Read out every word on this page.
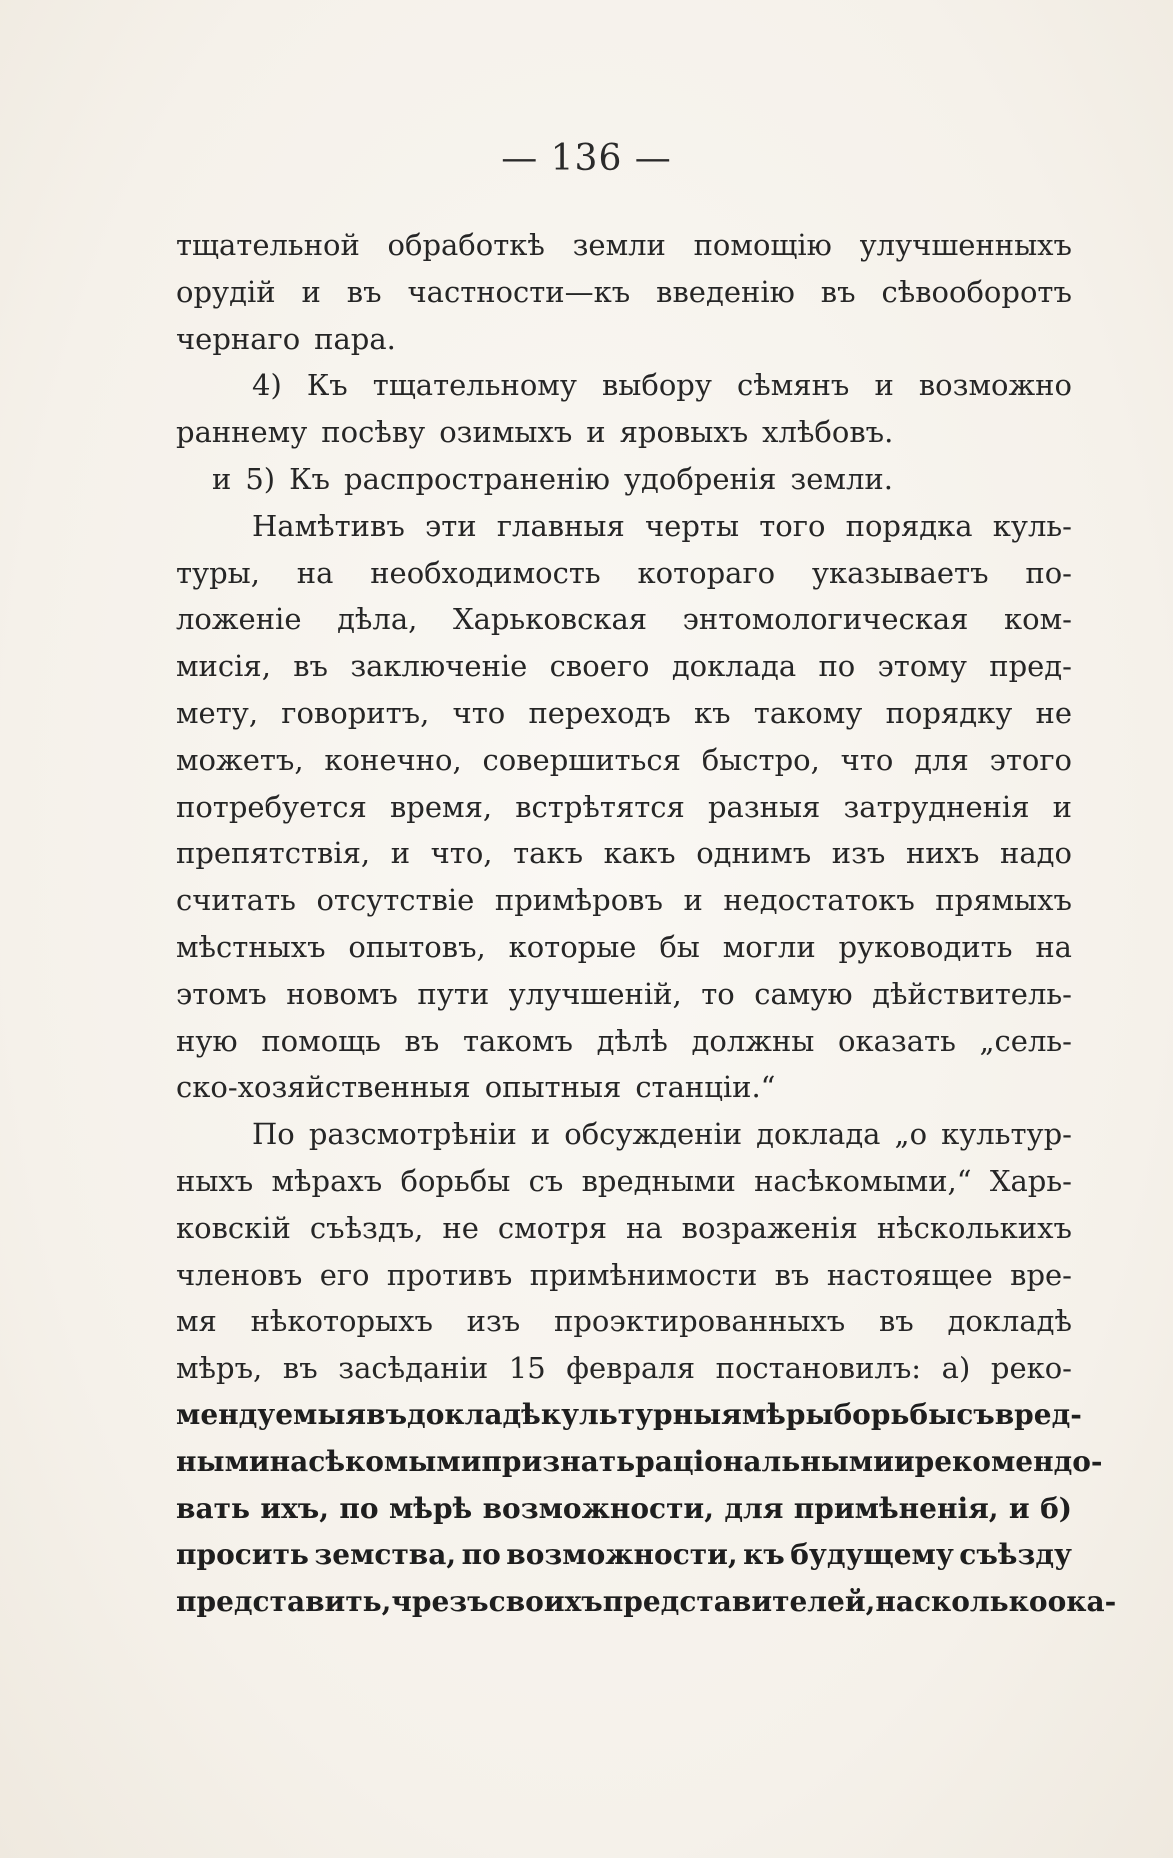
— 136 —
тщательной обработкѣ земли помощію улучшенныхъ
орудій и въ частности—къ введенію въ сѣвооборотъ
чернаго пара.
4) Къ тщательному выбору сѣмянъ и возможно
раннему посѣву озимыхъ и яровыхъ хлѣбовъ.
и 5) Къ распространенію удобренія земли.
Намѣтивъ эти главныя черты того порядка куль-
туры, на необходимость котораго указываетъ по-
ложеніе дѣла, Харьковская энтомологическая ком-
мисія, въ заключеніе своего доклада по этому пред-
мету, говоритъ, что переходъ къ такому порядку не
можетъ, конечно, совершиться быстро, что для этого
потребуется время, встрѣтятся разныя затрудненія и
препятствія, и что, такъ какъ однимъ изъ нихъ надо
считать отсутствіе примѣровъ и недостатокъ прямыхъ
мѣстныхъ опытовъ, которые бы могли руководить на
этомъ новомъ пути улучшеній, то самую дѣйствитель-
ную помощь въ такомъ дѣлѣ должны оказать „сель-
ско-хозяйственныя опытныя станціи.“
По разсмотрѣніи и обсужденіи доклада „о культур-
ныхъ мѣрахъ борьбы съ вредными насѣкомыми,“ Харь-
ковскій съѣздъ, не смотря на возраженія нѣсколькихъ
членовъ его противъ примѣнимости въ настоящее вре-
мя нѣкоторыхъ изъ проэктированныхъ въ докладѣ
мѣръ, въ засѣданіи 15 февраля постановилъ: а) реко-
мендуемыя въ докладѣ культурныя мѣры борьбы съ вред-
ными насѣкомыми признать раціональными и рекомендо-
вать ихъ, по мѣрѣ возможности, для примѣненія, и б)
просить земства, по возможности, къ будущему съѣзду
представить, чрезъ своихъ представителей, на сколько ока-
